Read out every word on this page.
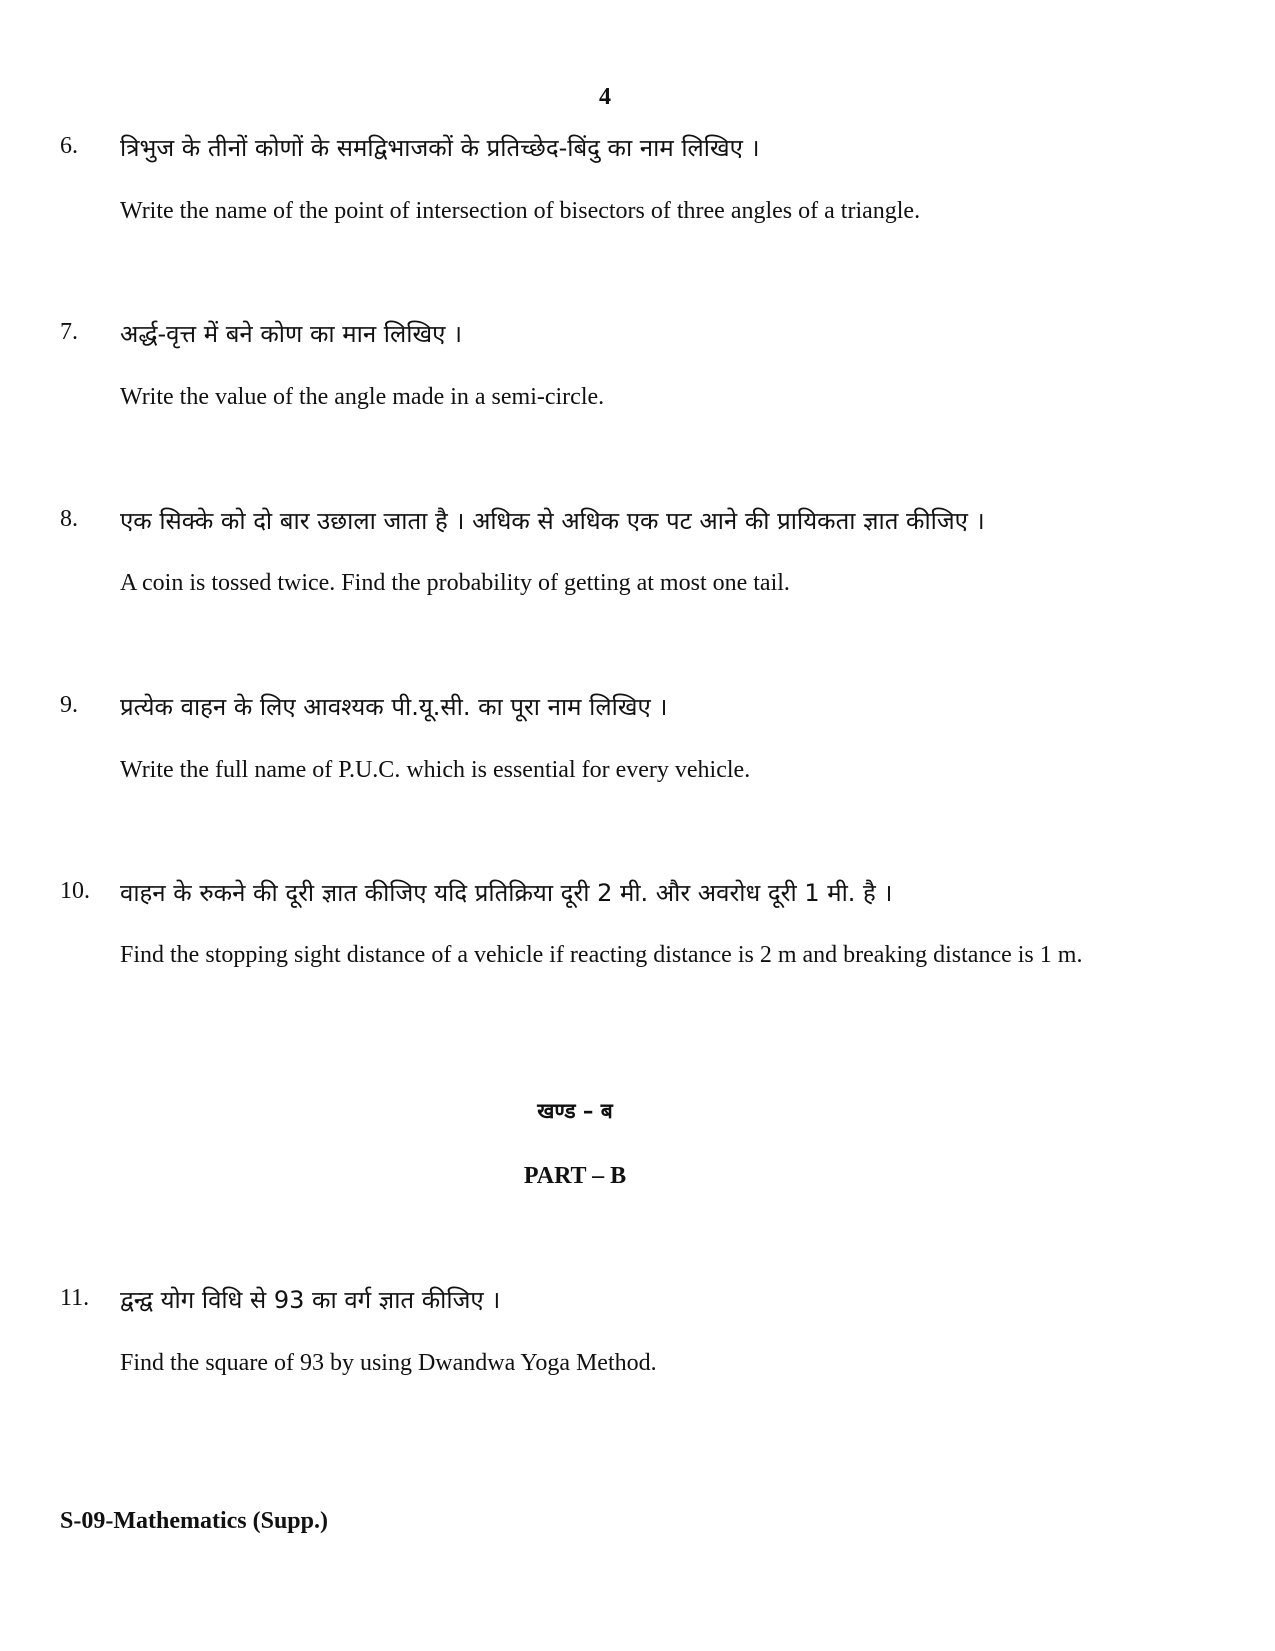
4
6. त्रिभुज के तीनों कोणों के समद्विभाजकों के प्रतिच्छेद-बिंदु का नाम लिखिए ।
Write the name of the point of intersection of bisectors of three angles of a triangle.
7. अर्द्ध-वृत्त में बने कोण का मान लिखिए ।
Write the value of the angle made in a semi-circle.
8. एक सिक्के को दो बार उछाला जाता है । अधिक से अधिक एक पट आने की प्रायिकता ज्ञात कीजिए ।
A coin is tossed twice. Find the probability of getting at most one tail.
9. प्रत्येक वाहन के लिए आवश्यक पी.यू.सी. का पूरा नाम लिखिए ।
Write the full name of P.U.C. which is essential for every vehicle.
10. वाहन के रुकने की दूरी ज्ञात कीजिए यदि प्रतिक्रिया दूरी 2 मी. और अवरोध दूरी 1 मी. है ।
Find the stopping sight distance of a vehicle if reacting distance is 2 m and breaking distance is 1 m.
खण्ड – ब
PART – B
11. द्वन्द्व योग विधि से 93 का वर्ग ज्ञात कीजिए ।
Find the square of 93 by using Dwandwa Yoga Method.
S-09-Mathematics (Supp.)
